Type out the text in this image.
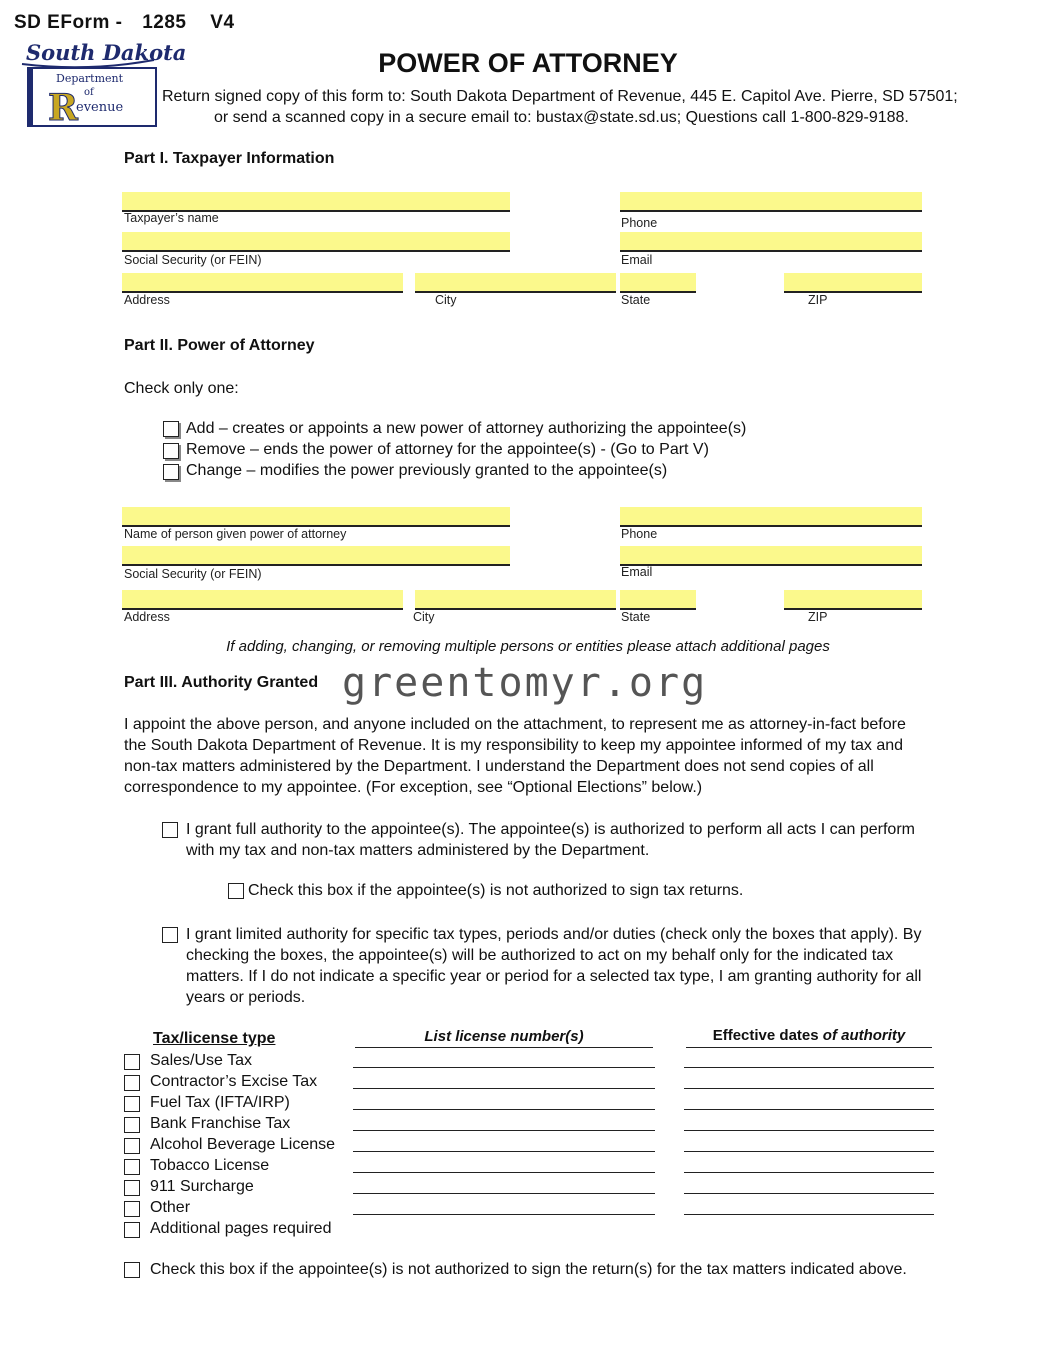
SD EForm - 1285 V4
South Dakota
Department
of
R
evenue
POWER OF ATTORNEY
Return signed copy of this form to: South Dakota Department of Revenue, 445 E. Capitol Ave. Pierre, SD 57501;
or send a scanned copy in a secure email to: bustax@state.sd.us; Questions call 1-800-829-9188.
Part I. Taxpayer Information
Taxpayer’s name	Phone
Social Security (or FEIN)	Email
Address	City	State	ZIP
Part II. Power of Attorney
Check only one:
Add – creates or appoints a new power of attorney authorizing the appointee(s)
Remove – ends the power of attorney for the appointee(s) - (Go to Part V)
Change – modifies the power previously granted to the appointee(s)
Name of person given power of attorney	Phone
Social Security (or FEIN)	Email
Address	City	State	ZIP
If adding, changing, or removing multiple persons or entities please attach additional pages
Part III. Authority Granted greentomyr.org
I appoint the above person, and anyone included on the attachment, to represent me as attorney-in-fact before
the South Dakota Department of Revenue. It is my responsibility to keep my appointee informed of my tax and
non-tax matters administered by the Department. I understand the Department does not send copies of all
correspondence to my appointee. (For exception, see “Optional Elections” below.)
I grant full authority to the appointee(s). The appointee(s) is authorized to perform all acts I can perform
with my tax and non-tax matters administered by the Department.
Check this box if the appointee(s) is not authorized to sign tax returns.
I grant limited authority for specific tax types, periods and/or duties (check only the boxes that apply). By
checking the boxes, the appointee(s) will be authorized to act on my behalf only for the indicated tax
matters. If I do not indicate a specific year or period for a selected tax type, I am granting authority for all
years or periods.
Tax/license type	List license number(s)	Effective dates of authority
Sales/Use Tax
Contractor’s Excise Tax
Fuel Tax (IFTA/IRP)
Bank Franchise Tax
Alcohol Beverage License
Tobacco License
911 Surcharge
Other
Additional pages required
Check this box if the appointee(s) is not authorized to sign the return(s) for the tax matters indicated above.
